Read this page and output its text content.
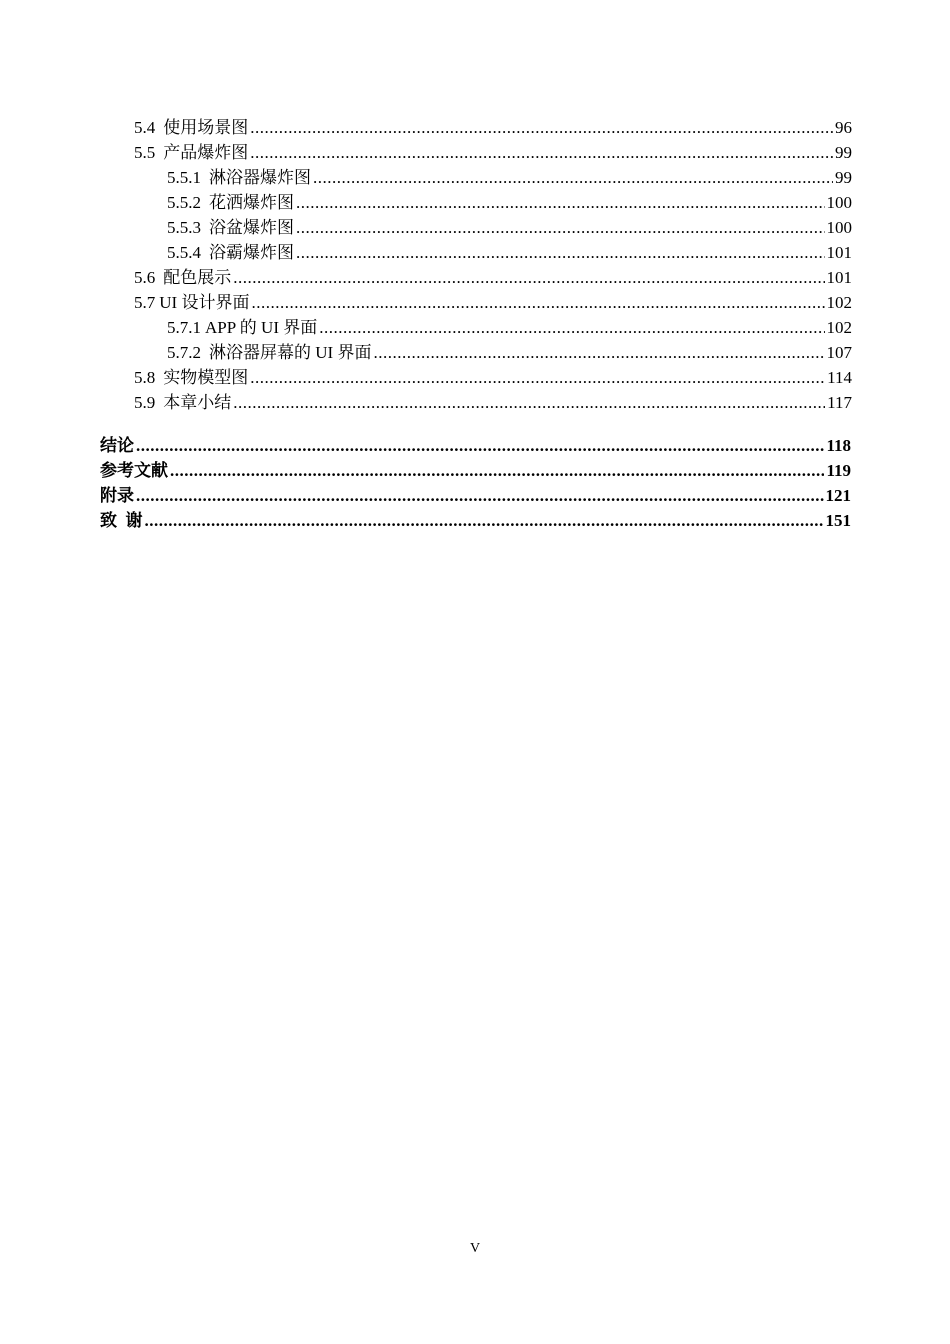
5.4 使用场景图 .....	96
5.5 产品爆炸图 .....	99
5.5.1 淋浴器爆炸图 .....	99
5.5.2 花洒爆炸图 .....	100
5.5.3 浴盆爆炸图 .....	100
5.5.4 浴霸爆炸图 .....	101
5.6 配色展示 .....	101
5.7 UI 设计界面 .....	102
5.7.1 APP 的 UI 界面 .....	102
5.7.2 淋浴器屏幕的 UI 界面 .....	107
5.8 实物模型图 .....	114
5.9 本章小结 .....	117
结论 .....	118
参考文献 .....	119
附录 .....	121
致  谢 .....	151
V
